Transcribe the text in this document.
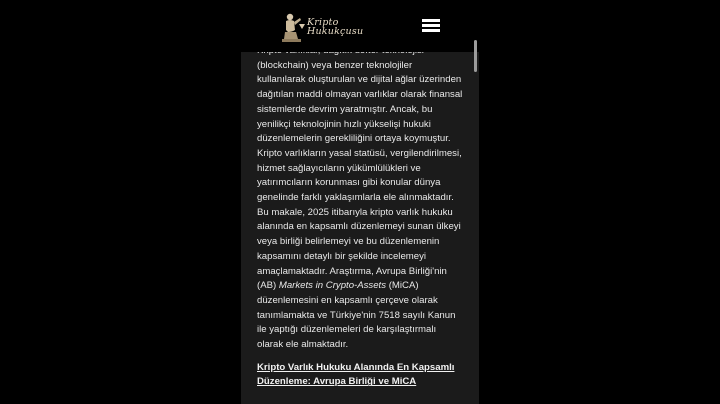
Kripto
Hukukçusu

(blockchain) veya benzer teknolojiler
kullanılarak oluşturulan ve dijital ağlar üzerinden
dağıtılan maddi olmayan varlıklar olarak finansal
sistemlerde devrim yaratmıştır. Ancak, bu
yenilikçi teknolojinin hızlı yükselişi hukuki
düzenlemelerin gerekliliğini ortaya koymuştur.
Kripto varlıkların yasal statüsü, vergilendirilmesi,
hizmet sağlayıcıların yükümlülükleri ve
yatırımcıların korunması gibi konular dünya
genelinde farklı yaklaşımlarla ele alınmaktadır.
Bu makale, 2025 itibarıyla kripto varlık hukuku
alanında en kapsamlı düzenlemeyi sunan ülkeyi
veya birliği belirlemeyi ve bu düzenlemenin
kapsamını detaylı bir şekilde incelemeyi
amaçlamaktadır. Araştırma, Avrupa Birliği'nin
(AB) Markets in Crypto-Assets (MiCA)
düzenlemesini en kapsamlı çerçeve olarak
tanımlamakta ve Türkiye'nin 7518 sayılı Kanun
ile yaptığı düzenlemeleri de karşılaştırmalı
olarak ele almaktadır.

Kripto Varlık Hukuku Alanında En Kapsamlı
Düzenleme: Avrupa Birliği ve MiCA
